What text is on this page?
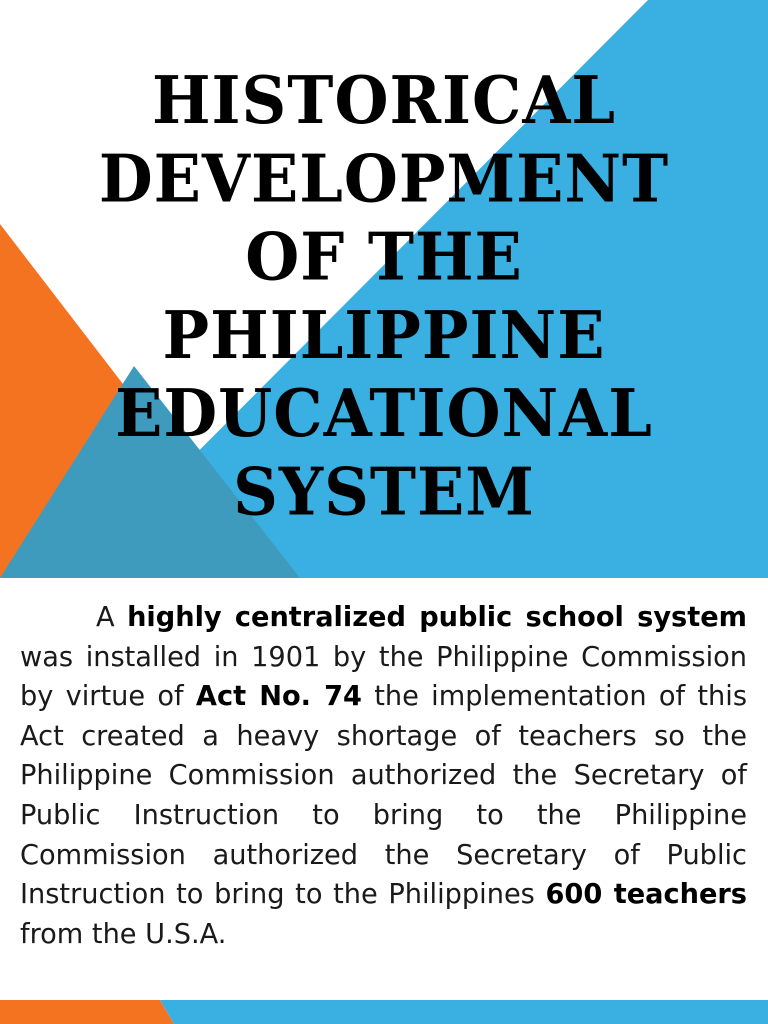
HISTORICAL
DEVELOPMENT
OF THE
PHILIPPINE
EDUCATIONAL
SYSTEM

A highly centralized public school system was installed in 1901 by the Philippine Commission by virtue of Act No. 74 the implementation of this Act created a heavy shortage of teachers so the Philippine Commission authorized the Secretary of Public Instruction to bring to the Philippine Commission authorized the Secretary of Public Instruction to bring to the Philippines 600 teachers from the U.S.A.
